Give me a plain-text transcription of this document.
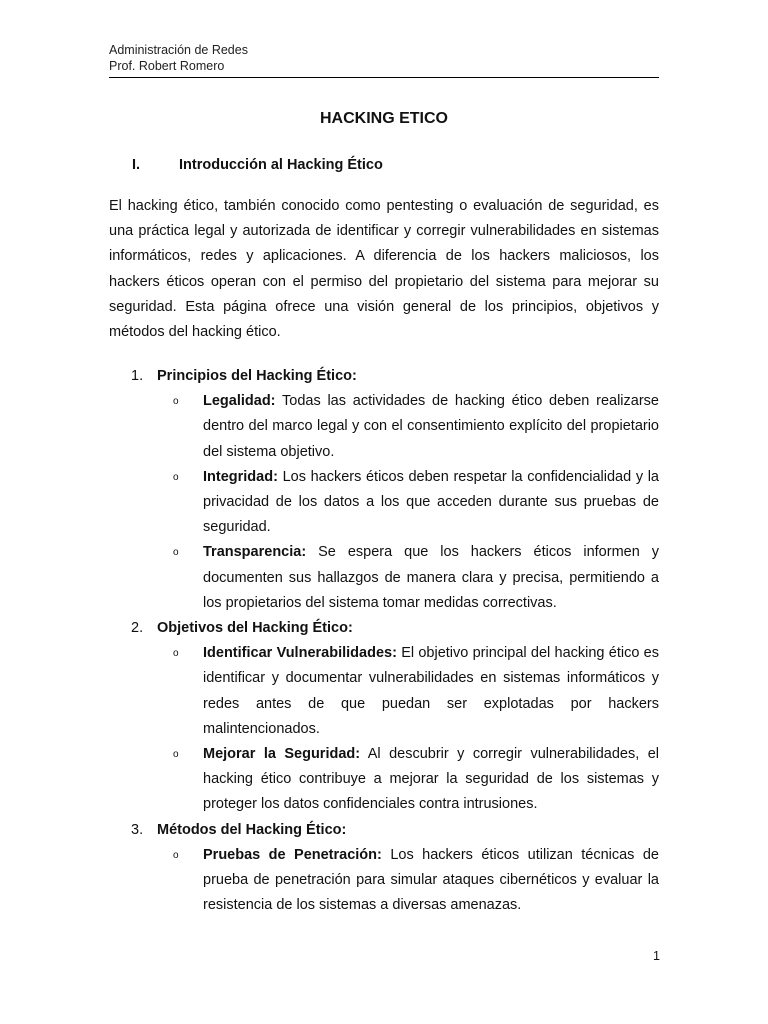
Administración de Redes
Prof. Robert Romero
HACKING ETICO
I.	Introducción al Hacking Ético

El hacking ético, también conocido como pentesting o evaluación de seguridad, es una práctica legal y autorizada de identificar y corregir vulnerabilidades en sistemas informáticos, redes y aplicaciones. A diferencia de los hackers maliciosos, los hackers éticos operan con el permiso del propietario del sistema para mejorar su seguridad. Esta página ofrece una visión general de los principios, objetivos y métodos del hacking ético.

1. Principios del Hacking Ético:
o Legalidad: Todas las actividades de hacking ético deben realizarse dentro del marco legal y con el consentimiento explícito del propietario del sistema objetivo.
o Integridad: Los hackers éticos deben respetar la confidencialidad y la privacidad de los datos a los que acceden durante sus pruebas de seguridad.
o Transparencia: Se espera que los hackers éticos informen y documenten sus hallazgos de manera clara y precisa, permitiendo a los propietarios del sistema tomar medidas correctivas.
2. Objetivos del Hacking Ético:
o Identificar Vulnerabilidades: El objetivo principal del hacking ético es identificar y documentar vulnerabilidades en sistemas informáticos y redes antes de que puedan ser explotadas por hackers malintencionados.
o Mejorar la Seguridad: Al descubrir y corregir vulnerabilidades, el hacking ético contribuye a mejorar la seguridad de los sistemas y proteger los datos confidenciales contra intrusiones.
3. Métodos del Hacking Ético:
o Pruebas de Penetración: Los hackers éticos utilizan técnicas de prueba de penetración para simular ataques cibernéticos y evaluar la resistencia de los sistemas a diversas amenazas.
1
